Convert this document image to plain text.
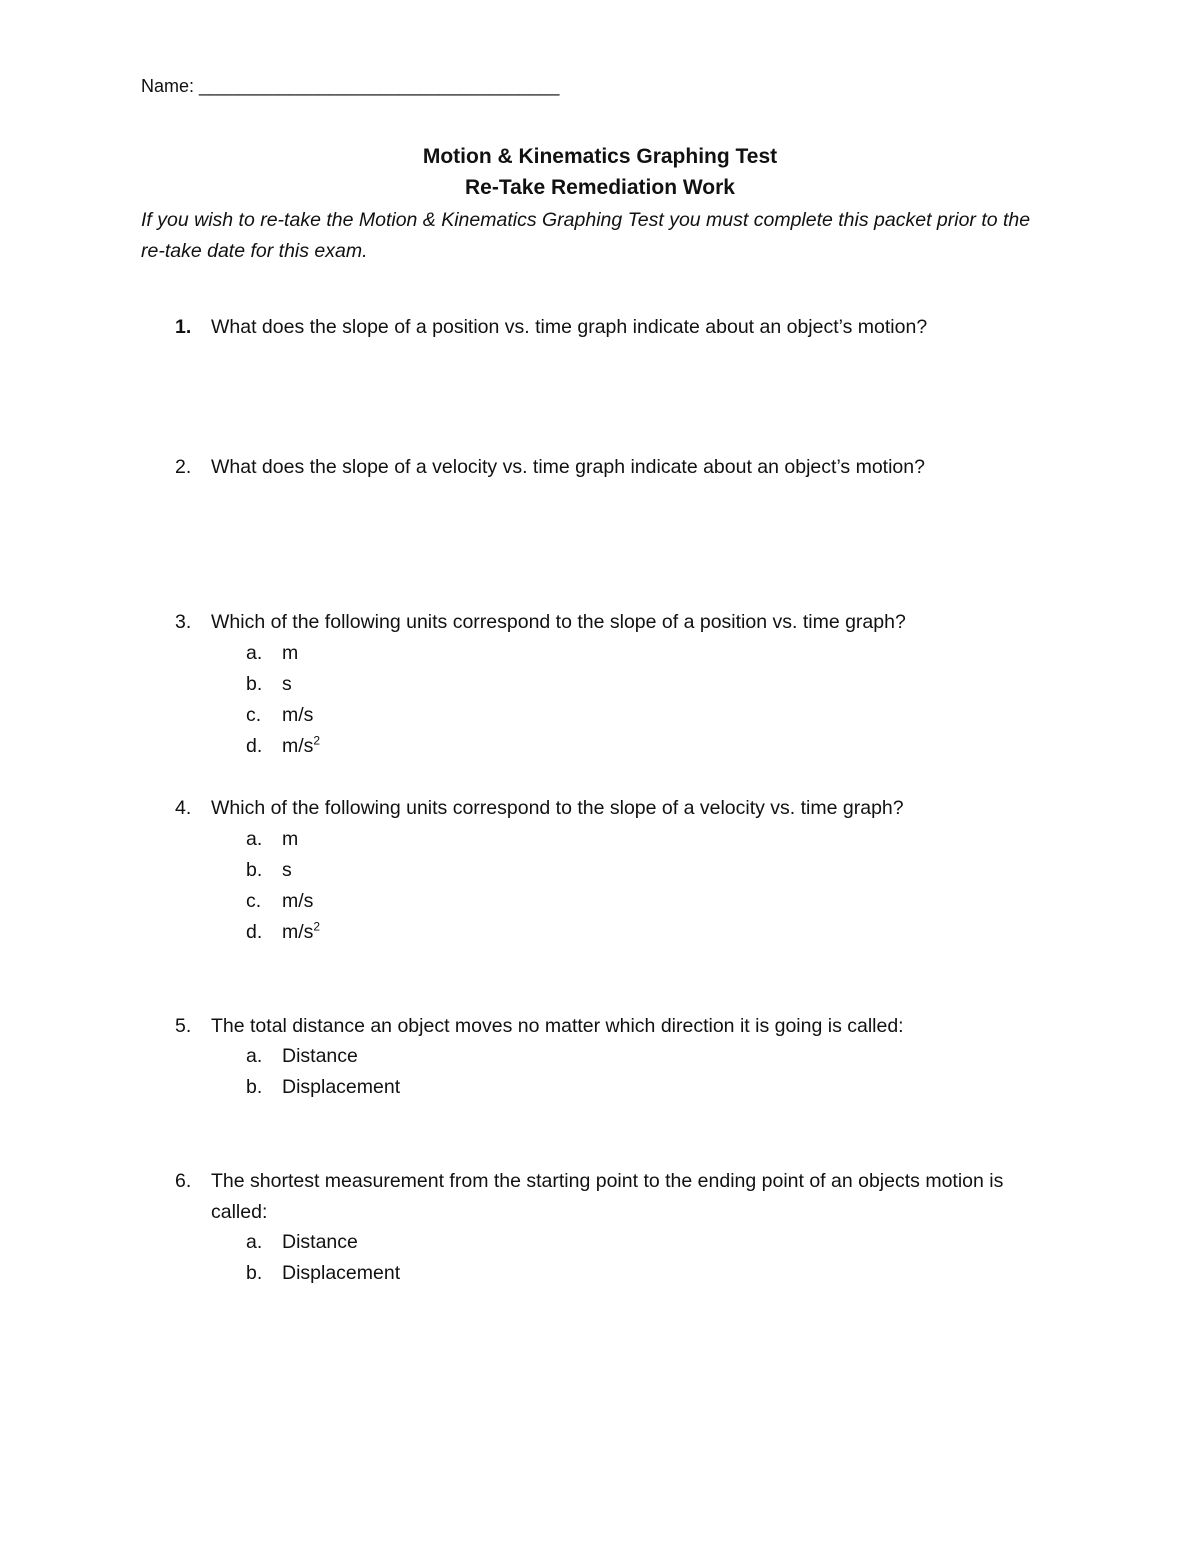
Name: ____________________________________
Motion & Kinematics Graphing Test
Re-Take Remediation Work
If you wish to re-take the Motion & Kinematics Graphing Test you must complete this packet prior to the re-take date for this exam.
1. What does the slope of a position vs. time graph indicate about an object’s motion?
2. What does the slope of a velocity vs. time graph indicate about an object’s motion?
3. Which of the following units correspond to the slope of a position vs. time graph?
a. m
b. s
c. m/s
d. $m/s^2$
4. Which of the following units correspond to the slope of a velocity vs. time graph?
a. m
b. s
c. m/s
d. $m/s^2$
5. The total distance an object moves no matter which direction it is going is called:
a. Distance
b. Displacement
6. The shortest measurement from the starting point to the ending point of an objects motion is called:
a. Distance
b. Displacement
